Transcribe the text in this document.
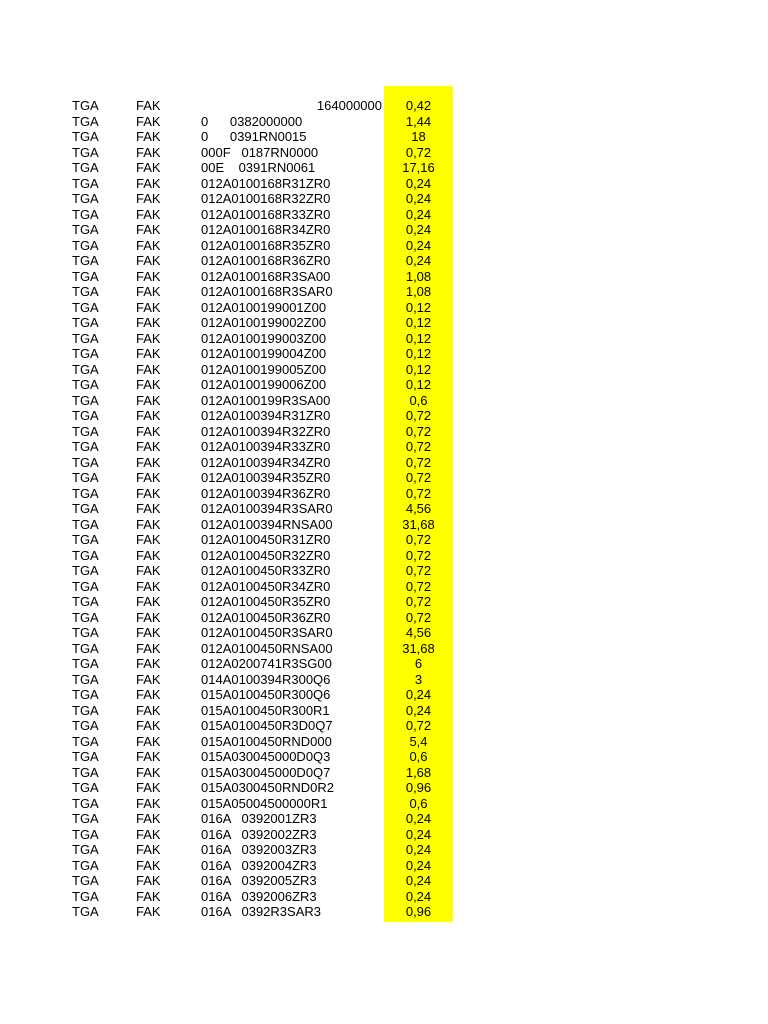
TGA	FAK	164000000	0,42
TGA	FAK	0      0382000000	1,44
TGA	FAK	0      0391RN0015	18
TGA	FAK	000F   0187RN0000	0,72
TGA	FAK	00E    0391RN0061	17,16
TGA	FAK	012A0100168R31ZR0	0,24
TGA	FAK	012A0100168R32ZR0	0,24
TGA	FAK	012A0100168R33ZR0	0,24
TGA	FAK	012A0100168R34ZR0	0,24
TGA	FAK	012A0100168R35ZR0	0,24
TGA	FAK	012A0100168R36ZR0	0,24
TGA	FAK	012A0100168R3SA00	1,08
TGA	FAK	012A0100168R3SAR0	1,08
TGA	FAK	012A0100199001Z00	0,12
TGA	FAK	012A0100199002Z00	0,12
TGA	FAK	012A0100199003Z00	0,12
TGA	FAK	012A0100199004Z00	0,12
TGA	FAK	012A0100199005Z00	0,12
TGA	FAK	012A0100199006Z00	0,12
TGA	FAK	012A0100199R3SA00	0,6
TGA	FAK	012A0100394R31ZR0	0,72
TGA	FAK	012A0100394R32ZR0	0,72
TGA	FAK	012A0100394R33ZR0	0,72
TGA	FAK	012A0100394R34ZR0	0,72
TGA	FAK	012A0100394R35ZR0	0,72
TGA	FAK	012A0100394R36ZR0	0,72
TGA	FAK	012A0100394R3SAR0	4,56
TGA	FAK	012A0100394RNSA00	31,68
TGA	FAK	012A0100450R31ZR0	0,72
TGA	FAK	012A0100450R32ZR0	0,72
TGA	FAK	012A0100450R33ZR0	0,72
TGA	FAK	012A0100450R34ZR0	0,72
TGA	FAK	012A0100450R35ZR0	0,72
TGA	FAK	012A0100450R36ZR0	0,72
TGA	FAK	012A0100450R3SAR0	4,56
TGA	FAK	012A0100450RNSA00	31,68
TGA	FAK	012A0200741R3SG00	6
TGA	FAK	014A0100394R300Q6	3
TGA	FAK	015A0100450R300Q6	0,24
TGA	FAK	015A0100450R300R1	0,24
TGA	FAK	015A0100450R3D0Q7	0,72
TGA	FAK	015A0100450RND000	5,4
TGA	FAK	015A030045000D0Q3	0,6
TGA	FAK	015A030045000D0Q7	1,68
TGA	FAK	015A0300450RND0R2	0,96
TGA	FAK	015A05004500000R1	0,6
TGA	FAK	016A   0392001ZR3	0,24
TGA	FAK	016A   0392002ZR3	0,24
TGA	FAK	016A   0392003ZR3	0,24
TGA	FAK	016A   0392004ZR3	0,24
TGA	FAK	016A   0392005ZR3	0,24
TGA	FAK	016A   0392006ZR3	0,24
TGA	FAK	016A   0392R3SAR3	0,96
